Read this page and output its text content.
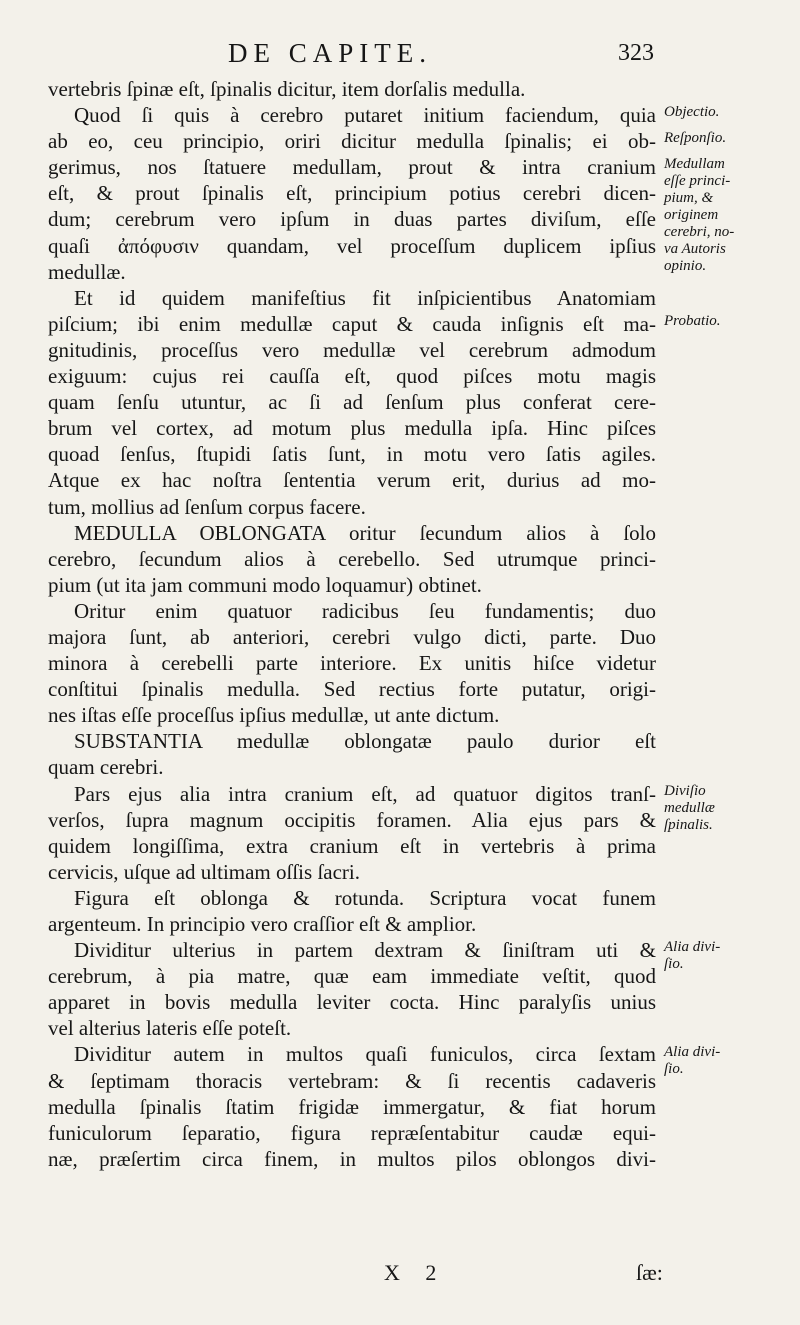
DE CAPITE.	323
vertebris ſpinæ eſt, ſpinalis dicitur, item dorſalis medulla.
Quod ſi quis à cerebro putaret initium faciendum, quia
ab eo, ceu principio, oriri dicitur medulla ſpinalis; ei ob-
gerimus, nos ſtatuere medullam, prout & intra cranium
eſt, & prout ſpinalis eſt, principium potius cerebri dicen-
dum; cerebrum vero ipſum in duas partes diviſum, eſſe
quaſi ἀπόφυσιν quandam, vel proceſſum duplicem ipſius
medullæ.
Et id quidem manifeſtius fit inſpicientibus Anatomiam
piſcium; ibi enim medullæ caput & cauda inſignis eſt ma-
gnitudinis, proceſſus vero medullæ vel cerebrum admodum
exiguum: cujus rei cauſſa eſt, quod piſces motu magis
quam ſenſu utuntur, ac ſi ad ſenſum plus conferat cere-
brum vel cortex, ad motum plus medulla ipſa. Hinc piſces
quoad ſenſus, ſtupidi ſatis ſunt, in motu vero ſatis agiles.
Atque ex hac noſtra ſententia verum erit, durius ad mo-
tum, mollius ad ſenſum corpus facere.
MEDULLA OBLONGATA oritur ſecundum alios à ſolo
cerebro, ſecundum alios à cerebello. Sed utrumque princi-
pium (ut ita jam communi modo loquamur) obtinet.
Oritur enim quatuor radicibus ſeu fundamentis; duo
majora ſunt, ab anteriori, cerebri vulgo dicti, parte. Duo
minora à cerebelli parte interiore. Ex unitis hiſce videtur
conſtitui ſpinalis medulla. Sed rectius forte putatur, origi-
nes iſtas eſſe proceſſus ipſius medullæ, ut ante dictum.
SUBSTANTIA medullæ oblongatæ paulo durior eſt
quam cerebri.
Pars ejus alia intra cranium eſt, ad quatuor digitos tranſ-
verſos, ſupra magnum occipitis foramen. Alia ejus pars &
quidem longiſſima, extra cranium eſt in vertebris à prima
cervicis, uſque ad ultimam oſſis ſacri.
Figura eſt oblonga & rotunda. Scriptura vocat funem
argenteum. In principio vero craſſior eſt & amplior.
Dividitur ulterius in partem dextram & ſiniſtram uti &
cerebrum, à pia matre, quæ eam immediate veſtit, quod
apparet in bovis medulla leviter cocta. Hinc paralyſis unius
vel alterius lateris eſſe poteſt.
Dividitur autem in multos quaſi funiculos, circa ſextam
& ſeptimam thoracis vertebram: & ſi recentis cadaveris
medulla ſpinalis ſtatim frigidæ immergatur, & fiat horum
funiculorum ſeparatio, figura repræſentabitur caudæ equi-
næ, præſertim circa finem, in multos pilos oblongos divi-
Objectio.
Reſponſio.
Medullam
eſſe princi-
pium, &
originem
cerebri, no-
va Autoris
opinio.
Probatio.
Diviſio
medullæ
ſpinalis.
Alia divi-
ſio.
Alia divi-
ſio.
X 2	ſæ:
